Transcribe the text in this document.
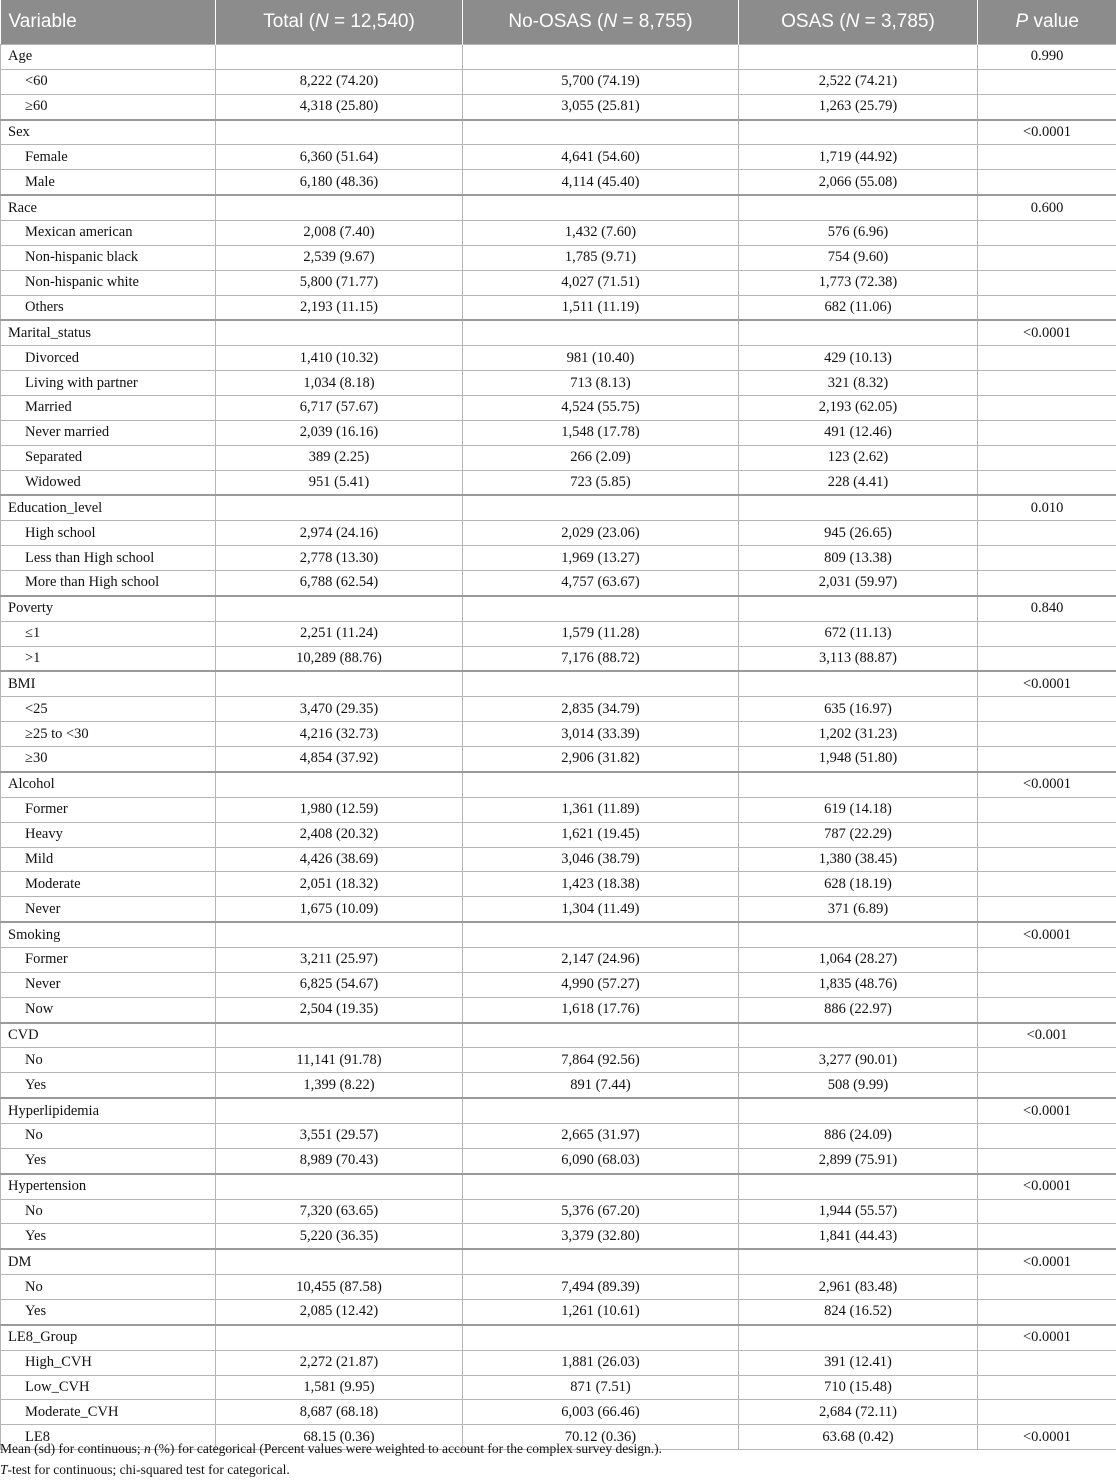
Variable	Total (N = 12,540)	No-OSAS (N = 8,755)	OSAS (N = 3,785)	P value
Age				0.990
<60	8,222 (74.20)	5,700 (74.19)	2,522 (74.21)	
≥60	4,318 (25.80)	3,055 (25.81)	1,263 (25.79)	
Sex				<0.0001
Female	6,360 (51.64)	4,641 (54.60)	1,719 (44.92)	
Male	6,180 (48.36)	4,114 (45.40)	2,066 (55.08)	
Race				0.600
Mexican american	2,008 (7.40)	1,432 (7.60)	576 (6.96)	
Non-hispanic black	2,539 (9.67)	1,785 (9.71)	754 (9.60)	
Non-hispanic white	5,800 (71.77)	4,027 (71.51)	1,773 (72.38)	
Others	2,193 (11.15)	1,511 (11.19)	682 (11.06)	
Marital_status				<0.0001
Divorced	1,410 (10.32)	981 (10.40)	429 (10.13)	
Living with partner	1,034 (8.18)	713 (8.13)	321 (8.32)	
Married	6,717 (57.67)	4,524 (55.75)	2,193 (62.05)	
Never married	2,039 (16.16)	1,548 (17.78)	491 (12.46)	
Separated	389 (2.25)	266 (2.09)	123 (2.62)	
Widowed	951 (5.41)	723 (5.85)	228 (4.41)	
Education_level				0.010
High school	2,974 (24.16)	2,029 (23.06)	945 (26.65)	
Less than High school	2,778 (13.30)	1,969 (13.27)	809 (13.38)	
More than High school	6,788 (62.54)	4,757 (63.67)	2,031 (59.97)	
Poverty				0.840
≤1	2,251 (11.24)	1,579 (11.28)	672 (11.13)	
>1	10,289 (88.76)	7,176 (88.72)	3,113 (88.87)	
BMI				<0.0001
<25	3,470 (29.35)	2,835 (34.79)	635 (16.97)	
≥25 to <30	4,216 (32.73)	3,014 (33.39)	1,202 (31.23)	
≥30	4,854 (37.92)	2,906 (31.82)	1,948 (51.80)	
Alcohol				<0.0001
Former	1,980 (12.59)	1,361 (11.89)	619 (14.18)	
Heavy	2,408 (20.32)	1,621 (19.45)	787 (22.29)	
Mild	4,426 (38.69)	3,046 (38.79)	1,380 (38.45)	
Moderate	2,051 (18.32)	1,423 (18.38)	628 (18.19)	
Never	1,675 (10.09)	1,304 (11.49)	371 (6.89)	
Smoking				<0.0001
Former	3,211 (25.97)	2,147 (24.96)	1,064 (28.27)	
Never	6,825 (54.67)	4,990 (57.27)	1,835 (48.76)	
Now	2,504 (19.35)	1,618 (17.76)	886 (22.97)	
CVD				<0.001
No	11,141 (91.78)	7,864 (92.56)	3,277 (90.01)	
Yes	1,399 (8.22)	891 (7.44)	508 (9.99)	
Hyperlipidemia				<0.0001
No	3,551 (29.57)	2,665 (31.97)	886 (24.09)	
Yes	8,989 (70.43)	6,090 (68.03)	2,899 (75.91)	
Hypertension				<0.0001
No	7,320 (63.65)	5,376 (67.20)	1,944 (55.57)	
Yes	5,220 (36.35)	3,379 (32.80)	1,841 (44.43)	
DM				<0.0001
No	10,455 (87.58)	7,494 (89.39)	2,961 (83.48)	
Yes	2,085 (12.42)	1,261 (10.61)	824 (16.52)	
LE8_Group				<0.0001
High_CVH	2,272 (21.87)	1,881 (26.03)	391 (12.41)	
Low_CVH	1,581 (9.95)	871 (7.51)	710 (15.48)	
Moderate_CVH	8,687 (68.18)	6,003 (66.46)	2,684 (72.11)	
LE8	68.15 (0.36)	70.12 (0.36)	63.68 (0.42)	<0.0001
Mean (sd) for continuous; n (%) for categorical (Percent values were weighted to account for the complex survey design.).
T-test for continuous; chi-squared test for categorical.
